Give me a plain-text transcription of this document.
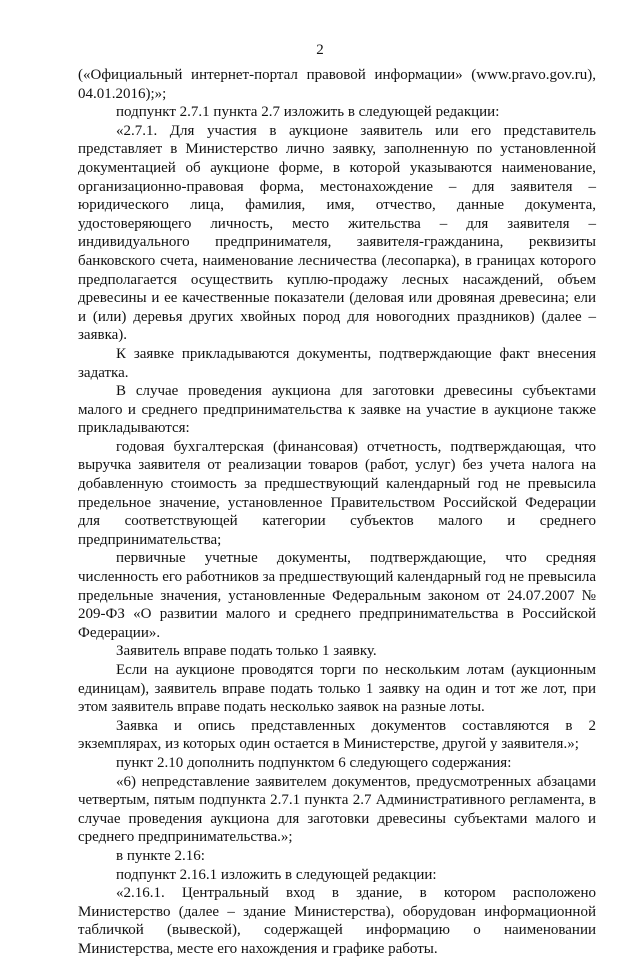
2

(«Официальный интернет-портал правовой информации» (www.pravo.gov.ru), 04.01.2016);»;

подпункт 2.7.1 пункта 2.7 изложить в следующей редакции:

«2.7.1. Для участия в аукционе заявитель или его представитель представляет в Министерство лично заявку, заполненную по установленной документацией об аукционе форме, в которой указываются наименование, организационно-правовая форма, местонахождение – для заявителя – юридического лица, фамилия, имя, отчество, данные документа, удостоверяющего личность, место жительства – для заявителя – индивидуального предпринимателя, заявителя-гражданина, реквизиты банковского счета, наименование лесничества (лесопарка), в границах которого предполагается осуществить куплю-продажу лесных насаждений, объем древесины и ее качественные показатели (деловая или дровяная древесина; ели и (или) деревья других хвойных пород для новогодних праздников) (далее – заявка).

К заявке прикладываются документы, подтверждающие факт внесения задатка.

В случае проведения аукциона для заготовки древесины субъектами малого и среднего предпринимательства к заявке на участие в аукционе также прикладываются:

годовая бухгалтерская (финансовая) отчетность, подтверждающая, что выручка заявителя от реализации товаров (работ, услуг) без учета налога на добавленную стоимость за предшествующий календарный год не превысила предельное значение, установленное Правительством Российской Федерации для соответствующей категории субъектов малого и среднего предпринимательства;

первичные учетные документы, подтверждающие, что средняя численность его работников за предшествующий календарный год не превысила предельные значения, установленные Федеральным законом от 24.07.2007 № 209-ФЗ «О развитии малого и среднего предпринимательства в Российской Федерации».

Заявитель вправе подать только 1 заявку.

Если на аукционе проводятся торги по нескольким лотам (аукционным единицам), заявитель вправе подать только 1 заявку на один и тот же лот, при этом заявитель вправе подать несколько заявок на разные лоты.

Заявка и опись представленных документов составляются в 2 экземплярах, из которых один остается в Министерстве, другой у заявителя.»;

пункт 2.10 дополнить подпунктом 6 следующего содержания:

«6) непредставление заявителем документов, предусмотренных абзацами четвертым, пятым подпункта 2.7.1 пункта 2.7 Административного регламента, в случае проведения аукциона для заготовки древесины субъектами малого и среднего предпринимательства.»;

в пункте 2.16:

подпункт 2.16.1 изложить в следующей редакции:

«2.16.1. Центральный вход в здание, в котором расположено Министерство (далее – здание Министерства), оборудован информационной табличкой (вывеской), содержащей информацию о наименовании Министерства, месте его нахождения и графике работы.
